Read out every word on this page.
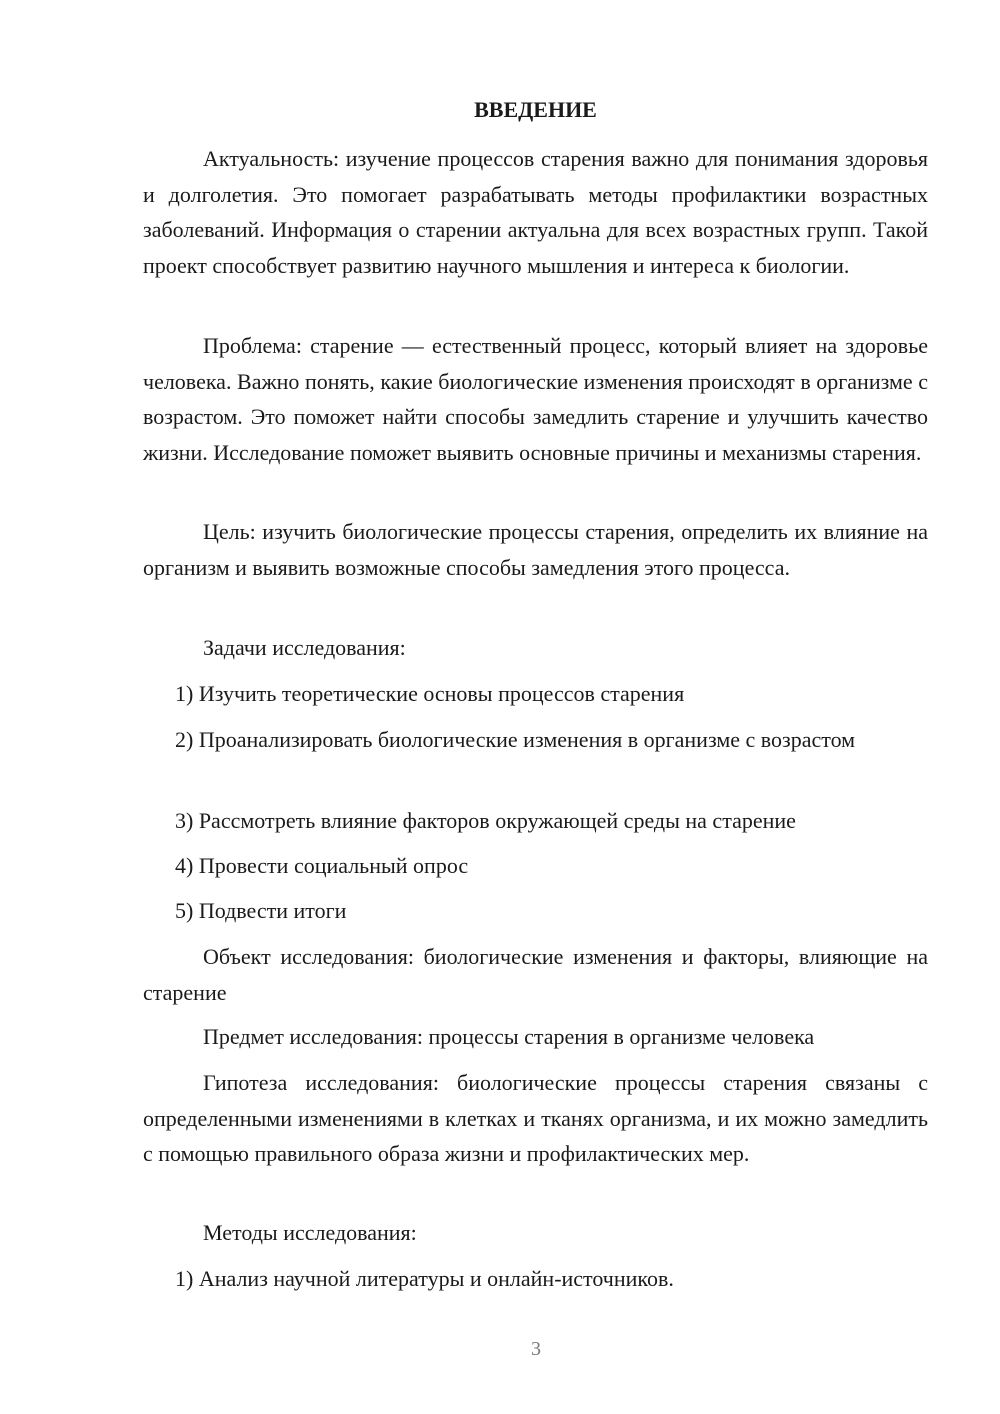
ВВЕДЕНИЕ

Актуальность: изучение процессов старения важно для понимания здоровья и долголетия. Это помогает разрабатывать методы профилактики возрастных заболеваний. Информация о старении актуальна для всех возрастных групп. Такой проект способствует развитию научного мышления и интереса к биологии.

Проблема: старение — естественный процесс, который влияет на здоровье человека. Важно понять, какие биологические изменения происходят в организме с возрастом. Это поможет найти способы замедлить старение и улучшить качество жизни. Исследование поможет выявить основные причины и механизмы старения.

Цель: изучить биологические процессы старения, определить их влияние на организм и выявить возможные способы замедления этого процесса.

Задачи исследования:

1) Изучить теоретические основы процессов старения

2) Проанализировать биологические изменения в организме с возрастом

3) Рассмотреть влияние факторов окружающей среды на старение

4) Провести социальный опрос

5) Подвести итоги

Объект исследования: биологические изменения и факторы, влияющие на старение

Предмет исследования: процессы старения в организме человека

Гипотеза исследования: биологические процессы старения связаны с определенными изменениями в клетках и тканях организма, и их можно замедлить с помощью правильного образа жизни и профилактических мер.

Методы исследования:

1) Анализ научной литературы и онлайн-источников.

3
